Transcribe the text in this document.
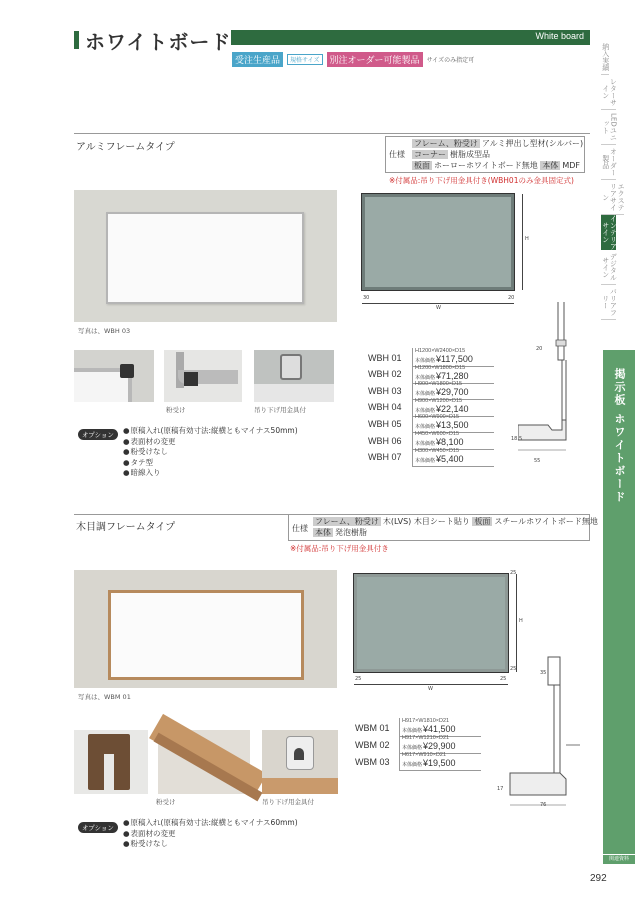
ホワイトボード	White board
受注生産品	規格サイズ	別注オーダー可能製品	サイズのみ指定可	納入実績
レターサイン
LEDユニット
オーダー製品
エクステリアサイン
インテリアサイン
デジタルサイン
バリアフリー
掲示板 ホワイトボード
関連資料
292
アルミフレームタイプ
仕様
フレーム、粉受け アルミ押出し型材(シルバー)
コーナー 樹脂成型品
板面 ホーローホワイトボード無地 本体 MDF
※付属品:吊り下げ用金具付き(WBH01のみ金具固定式)
写真は、WBH 03
粉受け	吊り下げ用金具付
オプション
●	原稿入れ(原稿有効寸法:縦横ともマイナス50mm)
● 表面材の変更
● 粉受けなし
● タテ型
● 暗線入り
H
W
30	20
20
18.5
55
WBH 01
H1200×W2400×D15
本体価格¥117,500
WBH 02
H1200×W1800×D15
本体価格¥71,280
WBH 03
H900×W1800×D15
本体価格¥29,700
WBH 04
H900×W1200×D15
本体価格¥22,140
WBH 05
H600×W900×D15
本体価格¥13,500
WBH 06
H450×W600×D15
本体価格¥8,100
WBH 07
H300×W450×D15
本体価格¥5,400
木目調フレームタイプ	仕様
フレーム、粉受け 木(LVS) 木目シート貼り 板面 スチールホワイトボード無地
本体 発泡樹脂
※付属品:吊り下げ用金具付き
写真は、WBM 01
粉受け	吊り下げ用金具付
オプション
● 原稿入れ(原稿有効寸法:縦横ともマイナス60mm)
● 表面材の変更
● 粉受けなし
H
W
25	25
25
25
35
17
76
WBM 01
H917×W1810×D21
本体価格¥41,500
WBM 02
H917×W1210×D21
本体価格¥29,900
WBM 03
H617×W910×D21
本体価格¥19,500
